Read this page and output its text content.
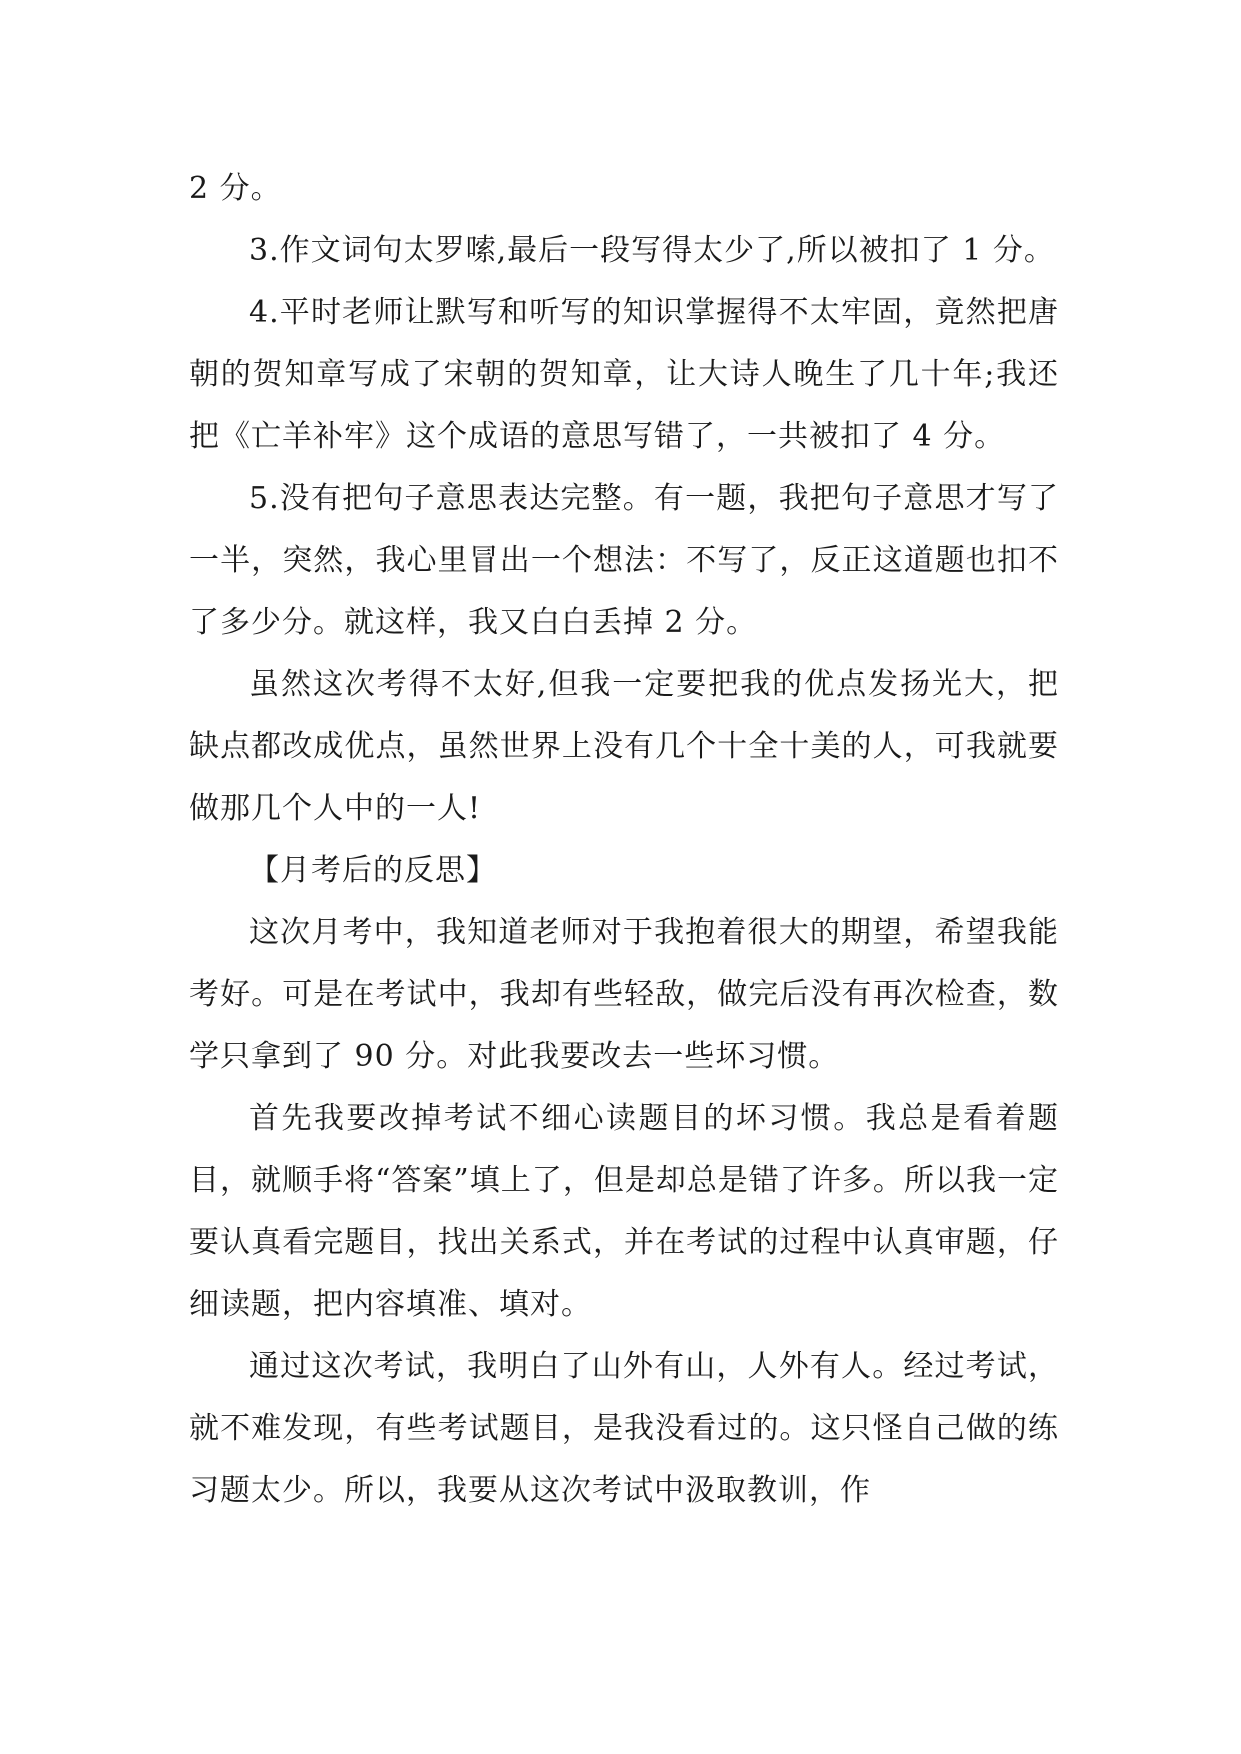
2 分。

3.作文词句太罗嗦,最后一段写得太少了,所以被扣了 1 分。

4.平时老师让默写和听写的知识掌握得不太牢固，竟然把唐朝的贺知章写成了宋朝的贺知章，让大诗人晚生了几十年;我还把《亡羊补牢》这个成语的意思写错了，一共被扣了 4 分。

5.没有把句子意思表达完整。有一题，我把句子意思才写了一半，突然，我心里冒出一个想法：不写了，反正这道题也扣不了多少分。就这样，我又白白丢掉 2 分。

虽然这次考得不太好,但我一定要把我的优点发扬光大，把缺点都改成优点，虽然世界上没有几个十全十美的人，可我就要做那几个人中的一人!

【月考后的反思】

这次月考中，我知道老师对于我抱着很大的期望，希望我能考好。可是在考试中，我却有些轻敌，做完后没有再次检查，数学只拿到了 90 分。对此我要改去一些坏习惯。

首先我要改掉考试不细心读题目的坏习惯。我总是看着题目，就顺手将“答案”填上了，但是却总是错了许多。所以我一定要认真看完题目，找出关系式，并在考试的过程中认真审题，仔细读题，把内容填准、填对。

通过这次考试，我明白了山外有山，人外有人。经过考试，就不难发现，有些考试题目，是我没看过的。这只怪自己做的练习题太少。所以，我要从这次考试中汲取教训，作
